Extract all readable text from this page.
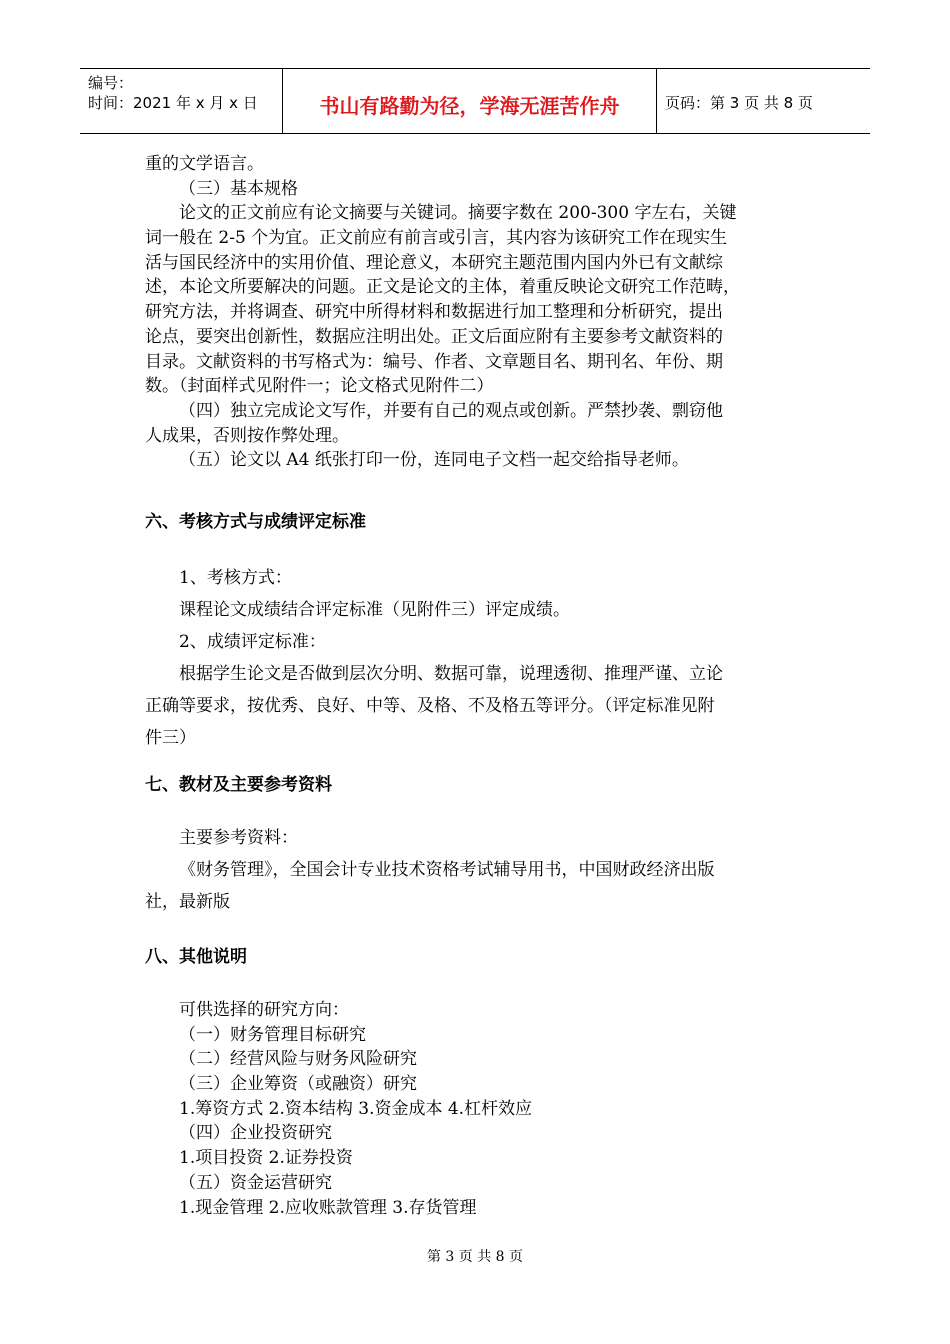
编号：
时间：2021 年 x 月 x 日	书山有路勤为径，学海无涯苦作舟	页码：第 3 页 共 8 页
重的文学语言。
（三）基本规格
论文的正文前应有论文摘要与关键词。摘要字数在 200-300 字左右，关键
词一般在 2-5 个为宜。正文前应有前言或引言，其内容为该研究工作在现实生
活与国民经济中的实用价值、理论意义，本研究主题范围内国内外已有文献综
述，本论文所要解决的问题。正文是论文的主体，着重反映论文研究工作范畴，
研究方法，并将调查、研究中所得材料和数据进行加工整理和分析研究，提出
论点，要突出创新性，数据应注明出处。正文后面应附有主要参考文献资料的
目录。文献资料的书写格式为：编号、作者、文章题目名、期刊名、年份、期
数。（封面样式见附件一；论文格式见附件二）
（四）独立完成论文写作，并要有自己的观点或创新。严禁抄袭、剽窃他
人成果，否则按作弊处理。
（五）论文以 A4 纸张打印一份，连同电子文档一起交给指导老师。
六、考核方式与成绩评定标准
1、考核方式：
课程论文成绩结合评定标准（见附件三）评定成绩。
2、成绩评定标准：
根据学生论文是否做到层次分明、数据可靠，说理透彻、推理严谨、立论
正确等要求，按优秀、良好、中等、及格、不及格五等评分。（评定标准见附
件三）
七、教材及主要参考资料
主要参考资料：
《财务管理》，全国会计专业技术资格考试辅导用书，中国财政经济出版
社，最新版
八、其他说明
可供选择的研究方向：
（一）财务管理目标研究
（二）经营风险与财务风险研究
（三）企业筹资（或融资）研究
1.筹资方式 2.资本结构 3.资金成本 4.杠杆效应
（四）企业投资研究
1.项目投资 2.证券投资
（五）资金运营研究
1.现金管理 2.应收账款管理 3.存货管理
第 3 页 共 8 页
